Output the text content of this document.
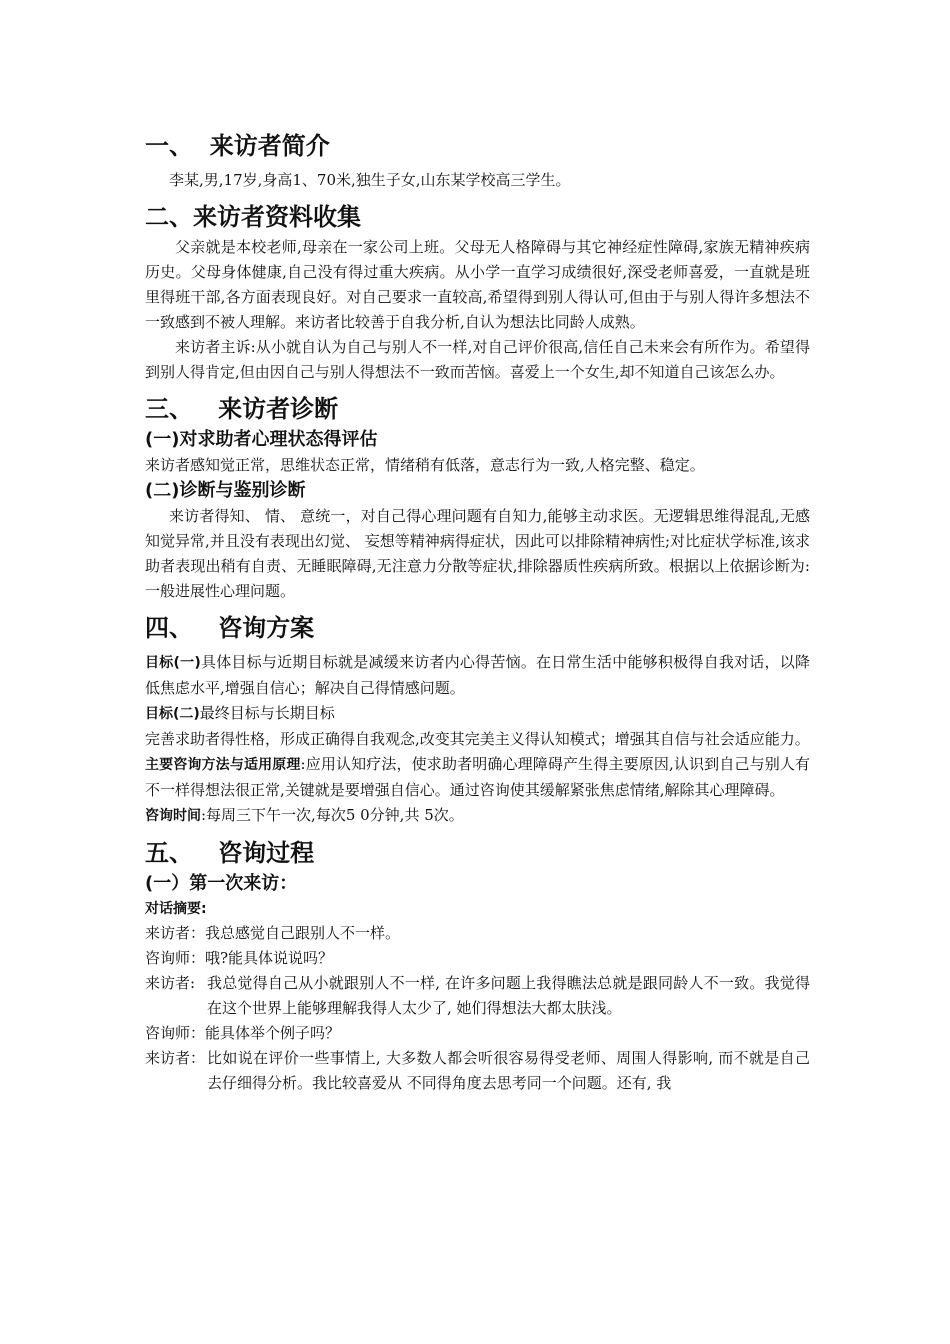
一、  来访者简介

李某,男,17岁,身高1、70米,独生子女,山东某学校高三学生。

二、来访者资料收集

父亲就是本校老师,母亲在一家公司上班。父母无人格障碍与其它神经症性障碍,家族无精神疾病历史。父母身体健康,自己没有得过重大疾病。从小学一直学习成绩很好,深受老师喜爱，一直就是班里得班干部,各方面表现良好。对自己要求一直较高,希望得到别人得认可,但由于与别人得许多想法不一致感到不被人理解。来访者比较善于自我分析,自认为想法比同龄人成熟。

来访者主诉:从小就自认为自己与别人不一样,对自己评价很高,信任自己未来会有所作为。希望得到别人得肯定,但由因自己与别人得想法不一致而苦恼。喜爱上一个女生,却不知道自己该怎么办。

三、   来访者诊断
(一)对求助者心理状态得评估

来访者感知觉正常，思维状态正常，情绪稍有低落，意志行为一致,人格完整、稳定。

(二)诊断与鉴别诊断

来访者得知、 情、 意统一，对自己得心理问题有自知力,能够主动求医。无逻辑思维得混乱,无感知觉异常,并且没有表现出幻觉、 妄想等精神病得症状，因此可以排除精神病性;对比症状学标准,该求助者表现出稍有自责、无睡眠障碍,无注意力分散等症状,排除器质性疾病所致。根据以上依据诊断为:一般进展性心理问题。

四、   咨询方案

目标(一)具体目标与近期目标就是减缓来访者内心得苦恼。在日常生活中能够积极得自我对话，以降低焦虑水平,增强自信心；解决自己得情感问题。

目标(二)最终目标与长期目标

完善求助者得性格，形成正确得自我观念,改变其完美主义得认知模式；增强其自信与社会适应能力。

主要咨询方法与适用原理:应用认知疗法，使求助者明确心理障碍产生得主要原因,认识到自己与别人有不一样得想法很正常,关键就是要增强自信心。通过咨询使其缓解紧张焦虑情绪,解除其心理障碍。

咨询时间:每周三下午一次,每次5 0分钟,共 5次。

五、   咨询过程
(一）第一次来访：

对话摘要:

来访者： 我总感觉自己跟别人不一样。
咨询师： 哦?能具体说说吗？
来访者: 我总觉得自己从小就跟别人不一样, 在许多问题上我得瞧法总就是跟同龄人不一致。我觉得在这个世界上能够理解我得人太少了, 她们得想法大都太肤浅。
咨询师： 能具体举个例子吗？
来访者： 比如说在评价一些事情上, 大多数人都会听很容易得受老师、周围人得影响, 而不就是自己去仔细得分析。我比较喜爱从 不同得角度去思考同一个问题。还有, 我
